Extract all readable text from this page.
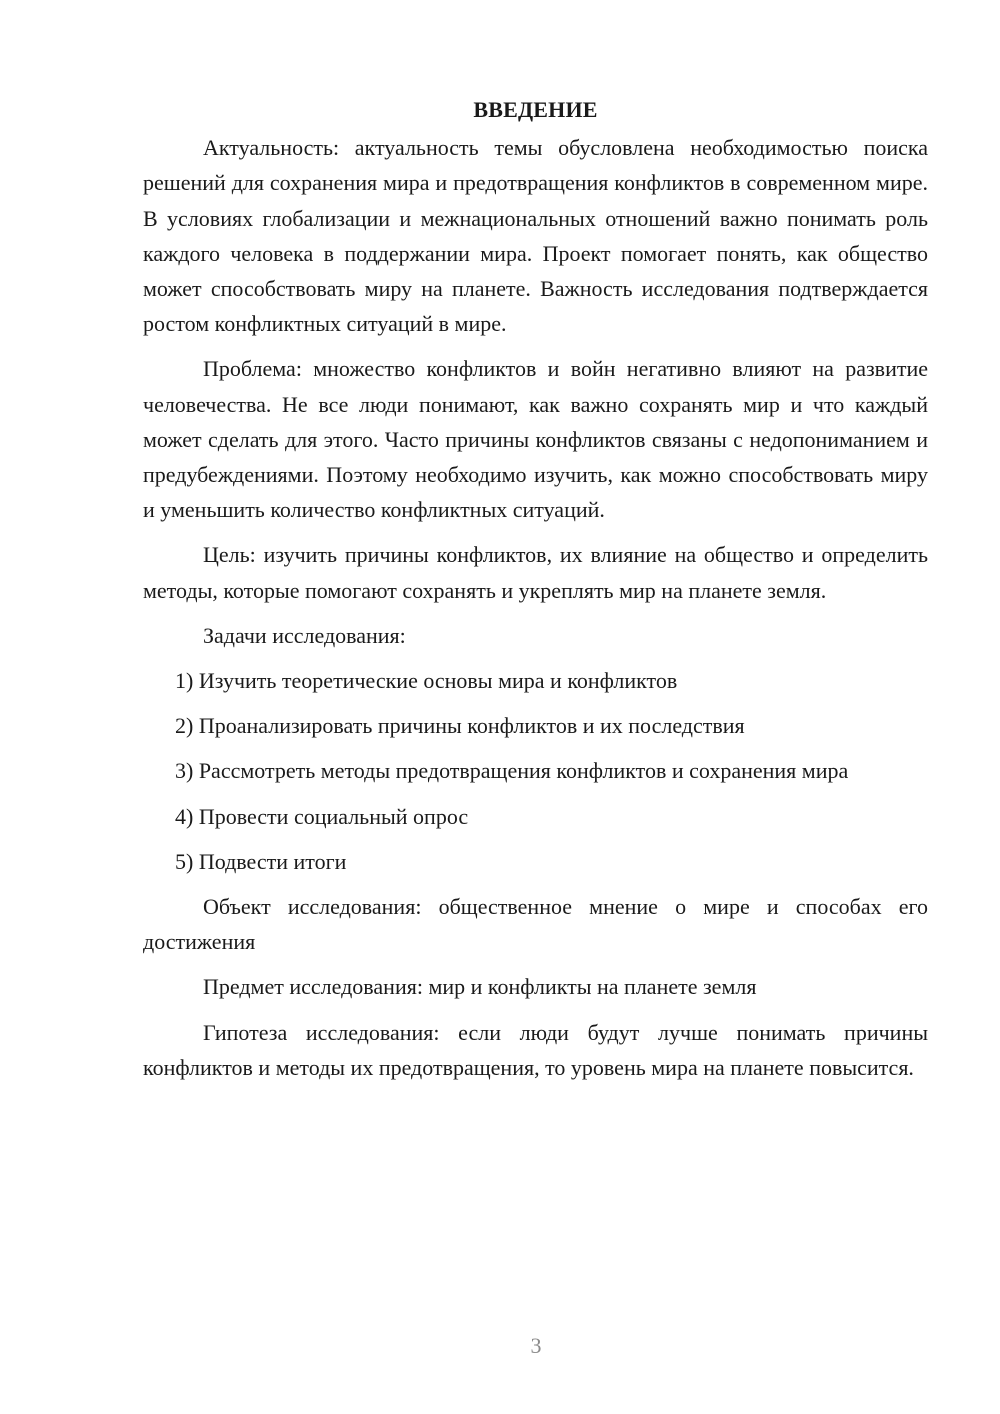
ВВЕДЕНИЕ

Актуальность: актуальность темы обусловлена необходимостью поиска решений для сохранения мира и предотвращения конфликтов в современном мире. В условиях глобализации и межнациональных отношений важно понимать роль каждого человека в поддержании мира. Проект помогает понять, как общество может способствовать миру на планете. Важность исследования подтверждается ростом конфликтных ситуаций в мире.

Проблема: множество конфликтов и войн негативно влияют на развитие человечества. Не все люди понимают, как важно сохранять мир и что каждый может сделать для этого. Часто причины конфликтов связаны с недопониманием и предубеждениями. Поэтому необходимо изучить, как можно способствовать миру и уменьшить количество конфликтных ситуаций.

Цель: изучить причины конфликтов, их влияние на общество и определить методы, которые помогают сохранять и укреплять мир на планете земля.

Задачи исследования:

1) Изучить теоретические основы мира и конфликтов
2) Проанализировать причины конфликтов и их последствия
3) Рассмотреть методы предотвращения конфликтов и сохранения мира
4) Провести социальный опрос
5) Подвести итоги

Объект исследования: общественное мнение о мире и способах его достижения

Предмет исследования: мир и конфликты на планете земля

Гипотеза исследования: если люди будут лучше понимать причины конфликтов и методы их предотвращения, то уровень мира на планете повысится.

3
